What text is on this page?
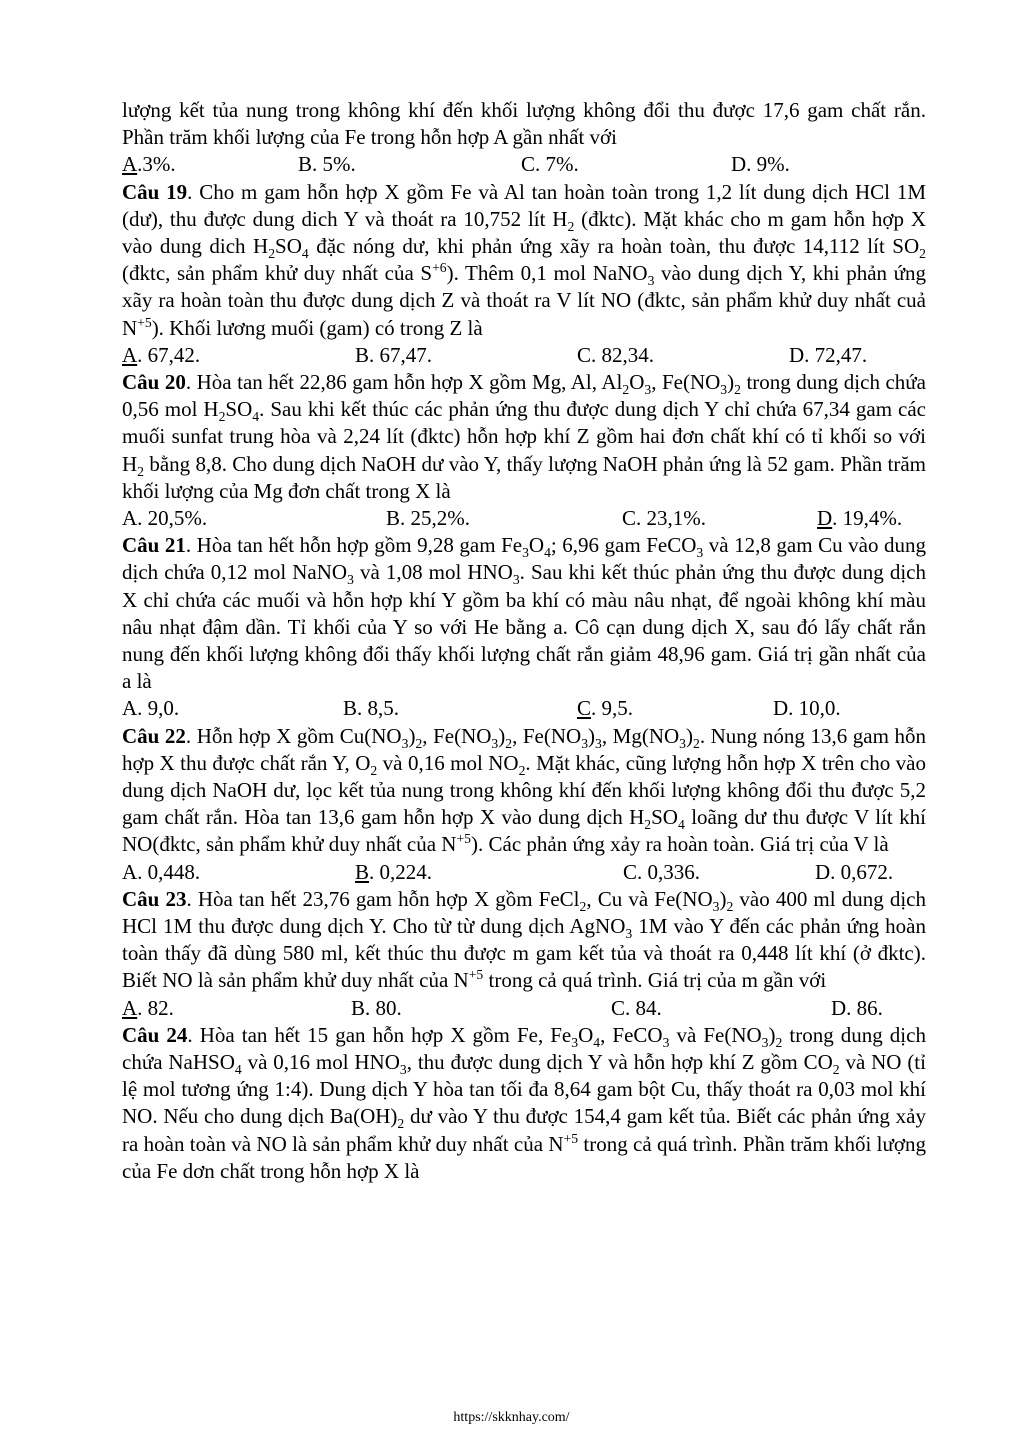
lượng kết tủa nung trong không khí đến khối lượng không đổi thu được 17,6 gam chất rắn. Phần trăm khối lượng của Fe trong hỗn hợp A gần nhất với

A.3%.	B. 5%.	C. 7%.	D. 9%.

Câu 19. Cho m gam hỗn hợp X gồm Fe và Al tan hoàn toàn trong 1,2 lít dung dịch HCl 1M (dư), thu được dung dich Y và thoát ra 10,752 lít $H_2$ (đktc). Mặt khác cho m gam hỗn hợp X vào dung dich $H_2SO_4$ đặc nóng dư, khi phản ứng xãy ra hoàn toàn, thu được 14,112 lít $SO_2$ (đktc, sản phẩm khử duy nhất của $S^{+6}$). Thêm 0,1 mol NaNO$_3$ vào dung dịch Y, khi phản ứng xãy ra hoàn toàn thu được dung dịch Z và thoát ra V lít NO (đktc, sản phẩm khử duy nhất cuả $N^{+5}$). Khối lương muối (gam) có trong Z là

A. 67,42.	B. 67,47.	C. 82,34.	D. 72,47.

Câu 20. Hòa tan hết 22,86 gam hỗn hợp X gồm Mg, Al, $Al_2O_3$, $Fe(NO_3)_2$ trong dung dịch chứa 0,56 mol $H_2SO_4$. Sau khi kết thúc các phản ứng thu được dung dịch Y chỉ chứa 67,34 gam các muối sunfat trung hòa và 2,24 lít (đktc) hỗn hợp khí Z gồm hai đơn chất khí có tỉ khối so với $H_2$ bằng 8,8. Cho dung dịch NaOH dư vào Y, thấy lượng NaOH phản ứng là 52 gam. Phần trăm khối lượng của Mg đơn chất trong X là

A. 20,5%.	B. 25,2%.	C. 23,1%.	D. 19,4%.

Câu 21. Hòa tan hết hỗn hợp gồm 9,28 gam $Fe_3O_4$; 6,96 gam FeCO$_3$ và 12,8 gam Cu vào dung dịch chứa 0,12 mol NaNO$_3$ và 1,08 mol $HNO_3$. Sau khi kết thúc phản ứng thu được dung dịch X chỉ chứa các muối và hỗn hợp khí Y gồm ba khí có màu nâu nhạt, để ngoài không khí màu nâu nhạt đậm dần. Tỉ khối của Y so với He bằng a. Cô cạn dung dịch X, sau đó lấy chất rắn nung đến khối lượng không đổi thấy khối lượng chất rắn giảm 48,96 gam. Giá trị gần nhất của a là

A. 9,0.	B. 8,5.	C. 9,5.	D. 10,0.

Câu 22. Hỗn hợp X gồm $Cu(NO_3)_2$, $Fe(NO_3)_2$, $Fe(NO_3)_3$, $Mg(NO_3)_2$. Nung nóng 13,6 gam hỗn hợp X thu được chất rắn Y, $O_2$ và 0,16 mol $NO_2$. Mặt khác, cũng lượng hỗn hợp X trên cho vào dung dịch NaOH dư, lọc kết tủa nung trong không khí đến khối lượng không đổi thu được 5,2 gam chất rắn. Hòa tan 13,6 gam hỗn hợp X vào dung dịch $H_2SO_4$ loãng dư thu được V lít khí NO(đktc, sản phẩm khử duy nhất của $N^{+5}$). Các phản ứng xảy ra hoàn toàn. Giá trị của V là

A. 0,448.	B. 0,224.	C. 0,336.	D. 0,672.

Câu 23. Hòa tan hết 23,76 gam hỗn hợp X gồm FeCl$_2$, Cu và $Fe(NO_3)_2$ vào 400 ml dung dịch HCl 1M thu được dung dịch Y. Cho từ từ dung dịch AgNO$_3$ 1M vào Y đến các phản ứng hoàn toàn thấy đã dùng 580 ml, kết thúc thu được m gam kết tủa và thoát ra 0,448 lít khí (ở đktc). Biết NO là sản phẩm khử duy nhất của $N^{+5}$ trong cả quá trình. Giá trị của m gần với

A. 82.	B. 80.	C. 84.	D. 86.

Câu 24. Hòa tan hết 15 gan hỗn hợp X gồm Fe, $Fe_3O_4$, FeCO$_3$ và $Fe(NO_3)_2$ trong dung dịch chứa NaHSO$_4$ và 0,16 mol $HNO_3$, thu được dung dịch Y và hỗn hợp khí Z gồm $CO_2$ và NO (tỉ lệ mol tương ứng 1:4). Dung dịch Y hòa tan tối đa 8,64 gam bột Cu, thấy thoát ra 0,03 mol khí NO. Nếu cho dung dịch $Ba(OH)_2$ dư vào Y thu được 154,4 gam kết tủa. Biết các phản ứng xảy ra hoàn toàn và NO là sản phẩm khử duy nhất của $N^{+5}$ trong cả quá trình. Phần trăm khối lượng của Fe dơn chất trong hỗn hợp X là

https://skknhay.com/
